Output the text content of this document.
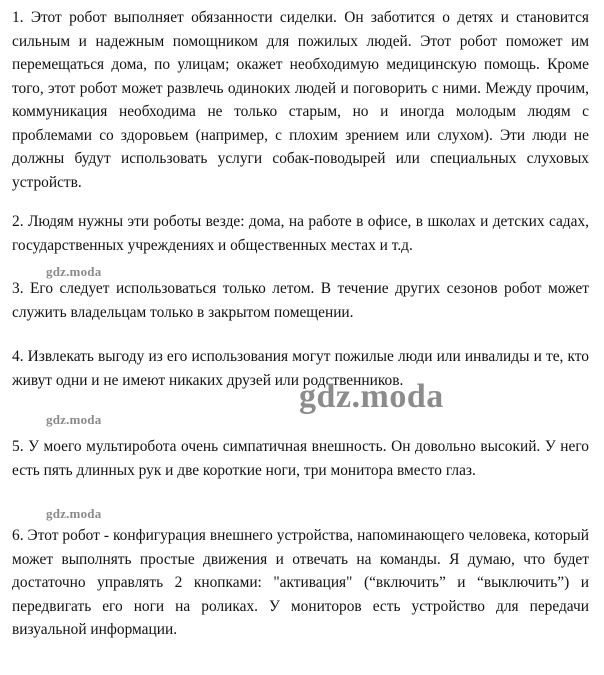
1. Этот робот выполняет обязанности сиделки. Он заботится о детях и становится сильным и надежным помощником для пожилых людей. Этот робот поможет им перемещаться дома, по улицам; окажет необходимую медицинскую помощь. Кроме того, этот робот может развлечь одиноких людей и поговорить с ними. Между прочим, коммуникация необходима не только старым, но и иногда молодым людям с проблемами со здоровьем (например, с плохим зрением или слухом). Эти люди не должны будут использовать услуги собак-поводырей или специальных слуховых устройств.

2. Людям нужны эти роботы везде: дома, на работе в офисе, в школах и детских садах, государственных учреждениях и общественных местах и т.д.

3. Его следует использоваться только летом. В течение других сезонов робот может служить владельцам только в закрытом помещении.

4. Извлекать выгоду из его использования могут пожилые люди или инвалиды и те, кто живут одни и не имеют никаких друзей или родственников.

5. У моего мультиробота очень симпатичная внешность. Он довольно высокий. У него есть пять длинных рук и две короткие ноги, три монитора вместо глаз.

6. Этот робот - конфигурация внешнего устройства, напоминающего человека, который может выполнять простые движения и отвечать на команды. Я думаю, что будет достаточно управлять 2 кнопками: "активация" (“включить” и “выключить”) и передвигать его ноги на роликах. У мониторов есть устройство для передачи визуальной информации.

gdz.moda
gdz.moda
gdz.moda
gdz.moda
